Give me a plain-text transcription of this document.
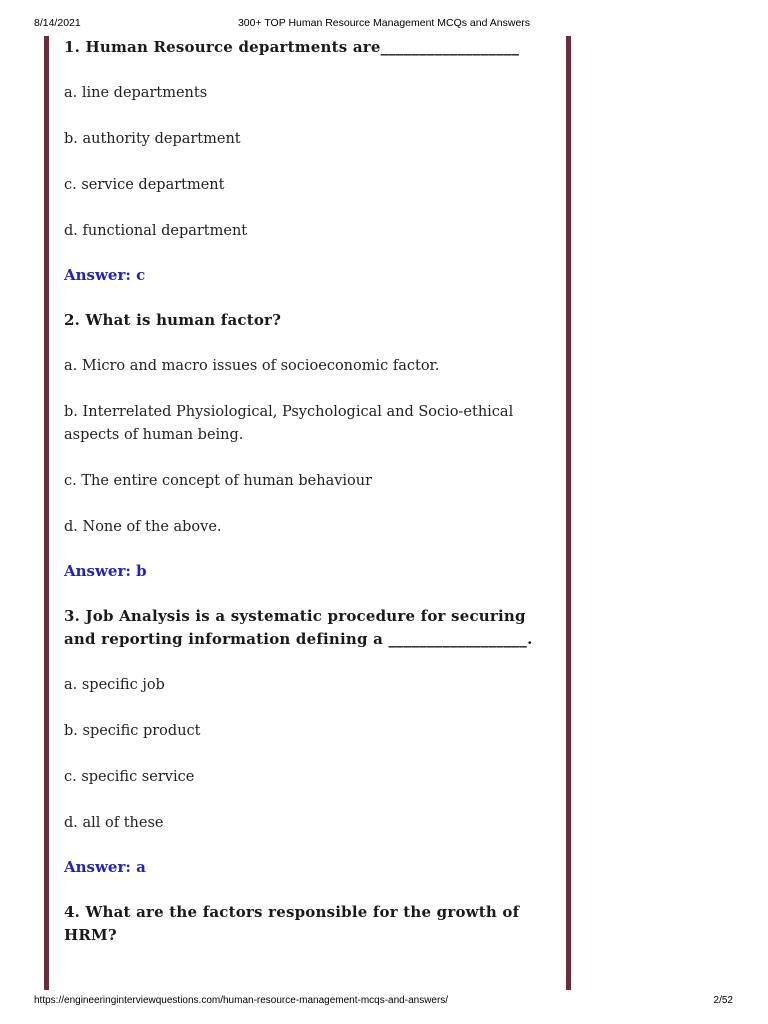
8/14/2021	300+ TOP Human Resource Management MCQs and Answers
1. Human Resource departments are__________________
a. line departments
b. authority department
c. service department
d. functional department
Answer: c
2. What is human factor?
a. Micro and macro issues of socioeconomic factor.
b. Interrelated Physiological, Psychological and Socio-ethical aspects of human being.
c. The entire concept of human behaviour
d. None of the above.
Answer: b
3. Job Analysis is a systematic procedure for securing and reporting information defining a __________________.
a. specific job
b. specific product
c. specific service
d. all of these
Answer: a
4. What are the factors responsible for the growth of HRM?
https://engineeringinterviewquestions.com/human-resource-management-mcqs-and-answers/	2/52
